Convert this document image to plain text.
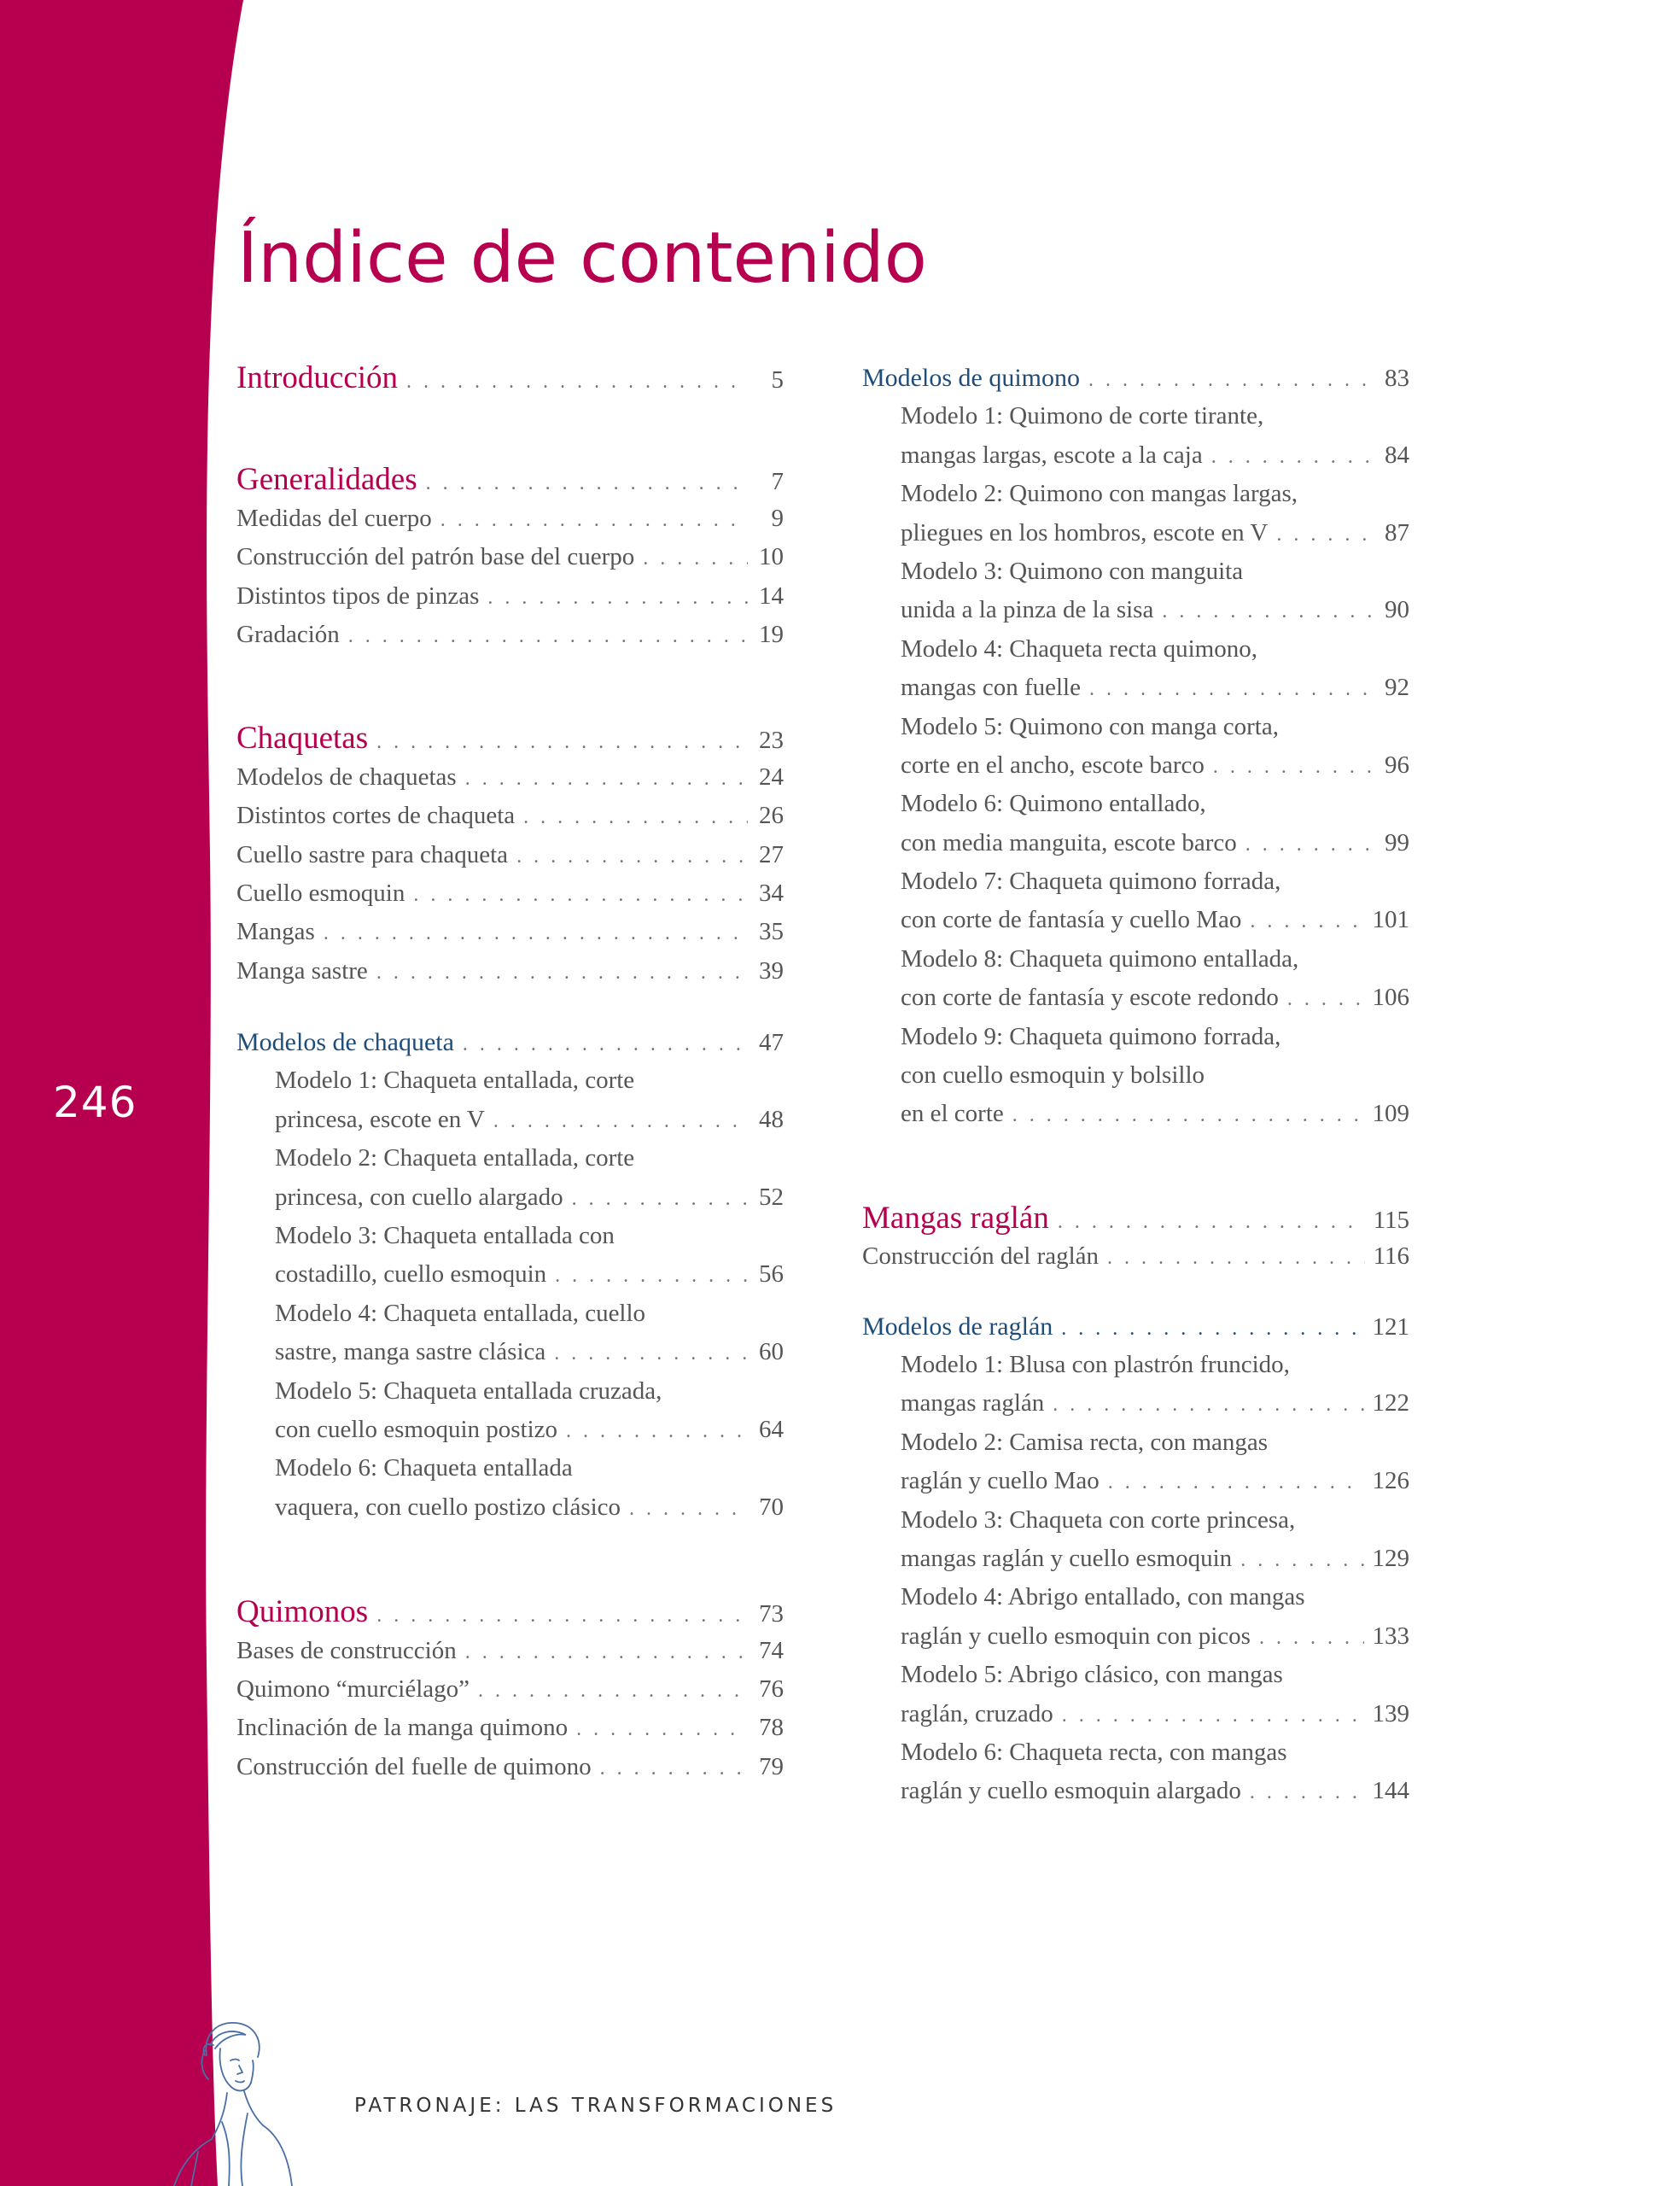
246
Índice de contenido
Introducción . . .	5
Generalidades . . .	7
Medidas del cuerpo . . .	9
Construcción del patrón base del cuerpo . . .	10
Distintos tipos de pinzas . . .	14
Gradación . . .	19
Chaquetas . . .	23
Modelos de chaquetas . . .	24
Distintos cortes de chaqueta . . .	26
Cuello sastre para chaqueta . . .	27
Cuello esmoquin . . .	34
Mangas . . .	35
Manga sastre . . .	39
Modelos de chaqueta . . .	47
Modelo 1: Chaqueta entallada, corte
princesa, escote en V . . .	48
Modelo 2: Chaqueta entallada, corte
princesa, con cuello alargado . . .	52
Modelo 3: Chaqueta entallada con
costadillo, cuello esmoquin . . .	56
Modelo 4: Chaqueta entallada, cuello
sastre, manga sastre clásica . . .	60
Modelo 5: Chaqueta entallada cruzada,
con cuello esmoquin postizo . . .	64
Modelo 6: Chaqueta entallada
vaquera, con cuello postizo clásico . . .	70
Quimonos . . .	73
Bases de construcción . . .	74
Quimono “murciélago” . . .	76
Inclinación de la manga quimono . . .	78
Construcción del fuelle de quimono . . .	79
Modelos de quimono . . .	83
Modelo 1: Quimono de corte tirante,
mangas largas, escote a la caja . . .	84
Modelo 2: Quimono con mangas largas,
pliegues en los hombros, escote en V . . .	87
Modelo 3: Quimono con manguita
unida a la pinza de la sisa . . .	90
Modelo 4: Chaqueta recta quimono,
mangas con fuelle . . .	92
Modelo 5: Quimono con manga corta,
corte en el ancho, escote barco . . .	96
Modelo 6: Quimono entallado,
con media manguita, escote barco . . .	99
Modelo 7: Chaqueta quimono forrada,
con corte de fantasía y cuello Mao . . .	101
Modelo 8: Chaqueta quimono entallada,
con corte de fantasía y escote redondo . . .	106
Modelo 9: Chaqueta quimono forrada,
con cuello esmoquin y bolsillo
en el corte . . .	109
Mangas raglán . . .	115
Construcción del raglán . . .	116
Modelos de raglán . . .	121
Modelo 1: Blusa con plastrón fruncido,
mangas raglán . . .	122
Modelo 2: Camisa recta, con mangas
raglán y cuello Mao . . .	126
Modelo 3: Chaqueta con corte princesa,
mangas raglán y cuello esmoquin . . .	129
Modelo 4: Abrigo entallado, con mangas
raglán y cuello esmoquin con picos . . .	133
Modelo 5: Abrigo clásico, con mangas
raglán, cruzado . . .	139
Modelo 6: Chaqueta recta, con mangas
raglán y cuello esmoquin alargado . . .	144
PATRONAJE: LAS TRANSFORMACIONES
